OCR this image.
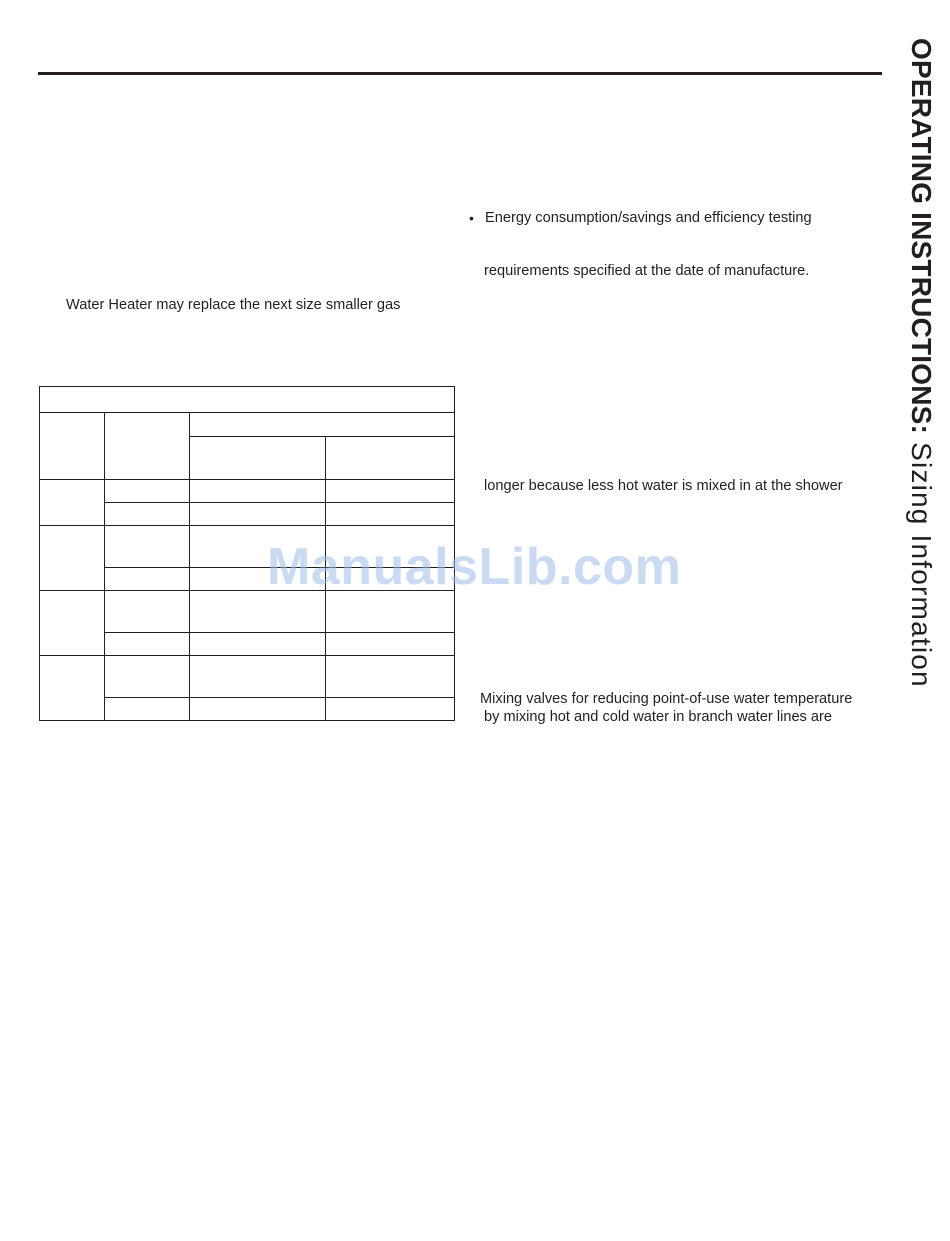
OPERATING INSTRUCTIONS: Sizing Information
Water Heater may replace the next size smaller gas
• Energy consumption/savings and efficiency testing
requirements specified at the date of manufacture.
longer because less hot water is mixed in at the shower
Mixing valves for reducing point-of-use water temperature
by mixing hot and cold water in branch water lines are

ManualsLib.com
